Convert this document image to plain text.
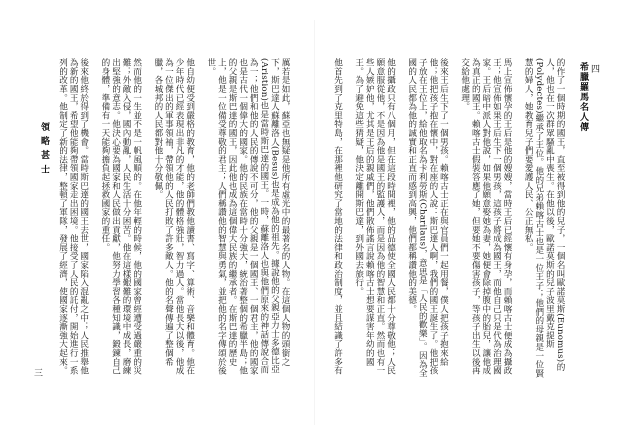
厲若是如此，蘇亞也無疑是他所有虛光中的最著名的人物。在這個人物的頭銜之下，斯巴達人蘇離洛人(Besus)也是成為他的祖先。據說他的父親亞力士多德比亞(Aristion)也是當時斯巴達的國王。一時，蘇離洛人也與他們原來的神話傳說合而為一；他們和他的人民的傳說不可分，他的父親是一個國王、一個君主，他的國家也是古代一個偉大的國家。他的民族在當時十分強大，統治著整個的希臘半島；他的父親是斯巴達的國王，因此他也成為這個偉大民族的繼承者。在斯巴達的歷史上，他是一位備受尊敬的君主；人們稱讚他的智慧與勇氣，並把他的名字傳頌於後世。

他自幼便受到嚴格的教育，他的老師們教他讀書、寫字、算術、音樂和體育。他在少年時代已經表現出非凡的才能，他的體格強壯，智力過人。當他長大以後，他成為一位傑出的軍事領袖，帶領他的人民打敗了許多敵人。他的名聲傳遍了整個希臘，各城邦的人民都對他十分敬佩。

然而他的一生並不是一帆風順的。在他年輕的時候，他的國家曾經遭受過嚴重的災難；外敵入侵，國內動亂，人民生活十分困苦。他在這樣艱難的環境中成長，磨練出堅強的意志。他決心要為國家和人民做出貢獻，他努力學習各種知識，鍛鍊自己的身體，準備有一天能夠擔負起拯救國家的重任。

後來他終於得到了機會。當時斯巴達的國王去世，國家陷入混亂之中；人民推舉他為新的國王，希望他能夠帶領國家走出困境。他接受了人民的託付，開始進行一系列的改革。他制定了新的法律，整頓了軍隊，發展了經濟，使國家逐漸強大起來。

領 略 甚 士
三
的作了一個時期的國王，直至被得到他的兒子，一個名叫歐諾莫斯(Eunomus)的人，他也在一次群眾騷亂中喪生。在他以後，歐諾莫斯的兒子波里戴克提斯(Polydectes)繼承了王位。他的兄弟賴喀古士也是一位王子；他們的母親是一位賢慧的婦人，她教育兒子們要愛護人民、公正無私。

馬上宣佈懷孕的王后是他的嫂嫂，當時王后已經懷有身孕，而賴喀古士便成為攝政王；他宣佈如果王后生下一個男孩，這孩子將成為國王，而他自己只是代為治理國家。王后暗中派人對他說，如果他願意娶她為妻，她便會除掉腹中的胎兒，讓他成為真正的國王。賴喀古士假裝答應了她，但要她不要傷害孩子，等孩子出生以後再交給他處理。

後來王后生下了一個男孩。賴喀古士正在與官員們一起用餐，僕人把孩子抱來給他；他把孩子抱在懷中，對在座的人說：斯巴達人啊，我們的國王誕生了。他把孩子放在王位上，給他取名為卡利勞斯(Charilaus)，意思是「人民的歡樂」。因為全國的人民都為他的誠實和正直而感到高興，他們都稱讚他的美德。

他的攝政只有八個月，但在這段時間裡，他的品德使全國人民都十分尊敬他；人民願意服從他，不是因為他是國王的監護人，而是因為他的智慧和正直。然而也有一些人嫉妒他，尤其是王后的親戚們，他們散佈謠言說賴喀古士想要謀害年幼的國王。為了避免這些猜疑，他決定離開斯巴達，到外國去旅行。

他首先到了克里特島，在那裡他研究了當地的法律和政治制度，並且結識了許多有

希臘羅馬名人傳 四
